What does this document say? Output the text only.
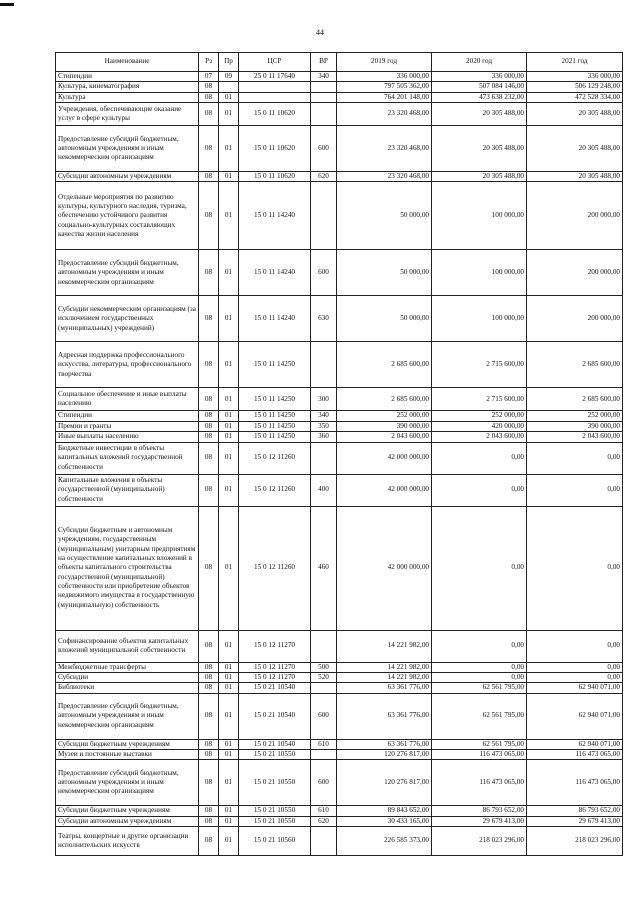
44
Наименование	Рз	Пр	ЦСР	ВР	2019 год	2020 год	2021 год
Стипендии	07	09	25 0 11 17640	340	336 000,00	336 000,00	336 000,00
Культура, кинематография	08				797 505 362,00	507 084 146,00	506 129 248,00
Культура	08	01			764 201 148,00	473 638 232,00	472 528 334,00
Учреждения, обеспечивающие оказание услуг в сфере культуры	08	01	15 0 11 10620		23 320 468,00	20 305 488,00	20 305 488,00
Предоставление субсидий бюджетным, автономным учреждениям и иным некоммерческим организациям	08	01	15 0 11 10620	600	23 320 468,00	20 305 488,00	20 305 488,00
Субсидии автономным учреждениям	08	01	15 0 11 10620	620	23 320 468,00	20 305 488,00	20 305 488,00
Отдельные мероприятия по развитию культуры, культурного наследия, туризма, обеспечению устойчивого развития социально-культурных составляющих качества жизни населения	08	01	15 0 11 14240		50 000,00	100 000,00	200 000,00
Предоставление субсидий бюджетным, автономным учреждениям и иным некоммерческим организациям	08	01	15 0 11 14240	600	50 000,00	100 000,00	200 000,00
Субсидии некоммерческим организациям (за исключением государственных (муниципальных) учреждений)	08	01	15 0 11 14240	630	50 000,00	100 000,00	200 000,00
Адресная поддержка профессионального искусства, литературы, профессионального творчества	08	01	15 0 11 14250		2 685 600,00	2 715 600,00	2 685 600,00
Социальное обеспечение и иные выплаты населению	08	01	15 0 11 14250	300	2 685 600,00	2 715 600,00	2 685 600,00
Стипендии	08	01	15 0 11 14250	340	252 000,00	252 000,00	252 000,00
Премии и гранты	08	01	15 0 11 14250	350	390 000,00	420 000,00	390 000,00
Иные выплаты населению	08	01	15 0 11 14250	360	2 043 600,00	2 043 600,00	2 043 600,00
Бюджетные инвестиции в объекты капитальных вложений государственной собственности	08	01	15 0 12 11260		42 000 000,00	0,00	0,00
Капитальные вложения в объекты государственной (муниципальной) собственности	08	01	15 0 12 11260	400	42 000 000,00	0,00	0,00
Субсидии бюджетным и автономным учреждениям, государственным (муниципальным) унитарным предприятиям на осуществление капитальных вложений в объекты капитального строительства государственной (муниципальной) собственности или приобретение объектов недвижимого имущества в государственную (муниципальную) собственность	08	01	15 0 12 11260	460	42 000 000,00	0,00	0,00
Софинансирование объектов капитальных вложений муниципальной собственности	08	01	15 0 12 11270		14 221 982,00	0,00	0,00
Межбюджетные трансферты	08	01	15 0 12 11270	500	14 221 982,00	0,00	0,00
Субсидии	08	01	15 0 12 11270	520	14 221 982,00	0,00	0,00
Библиотеки	08	01	15 0 21 10540		63 361 776,00	62 561 795,00	62 940 071,00
Предоставление субсидий бюджетным, автономным учреждениям и иным некоммерческим организациям	08	01	15 0 21 10540	600	63 361 776,00	62 561 795,00	62 940 071,00
Субсидии бюджетным учреждениям	08	01	15 0 21 10540	610	63 361 776,00	62 561 795,00	62 940 071,00
Музеи и постоянные выставки	08	01	15 0 21 10550		120 276 817,00	116 473 065,00	116 473 065,00
Предоставление субсидий бюджетным, автономным учреждениям и иным некоммерческим организациям	08	01	15 0 21 10550	600	120 276 817,00	116 473 065,00	116 473 065,00
Субсидии бюджетным учреждениям	08	01	15 0 21 10550	610	89 843 652,00	86 793 652,00	86 793 652,00
Субсидии автономным учреждениям	08	01	15 0 21 10550	620	30 433 165,00	29 679 413,00	29 679 413,00
Театры, концертные и другие организации исполнительских искусств	08	01	15 0 21 10560		226 585 373,00	218 023 296,00	218 023 296,00
